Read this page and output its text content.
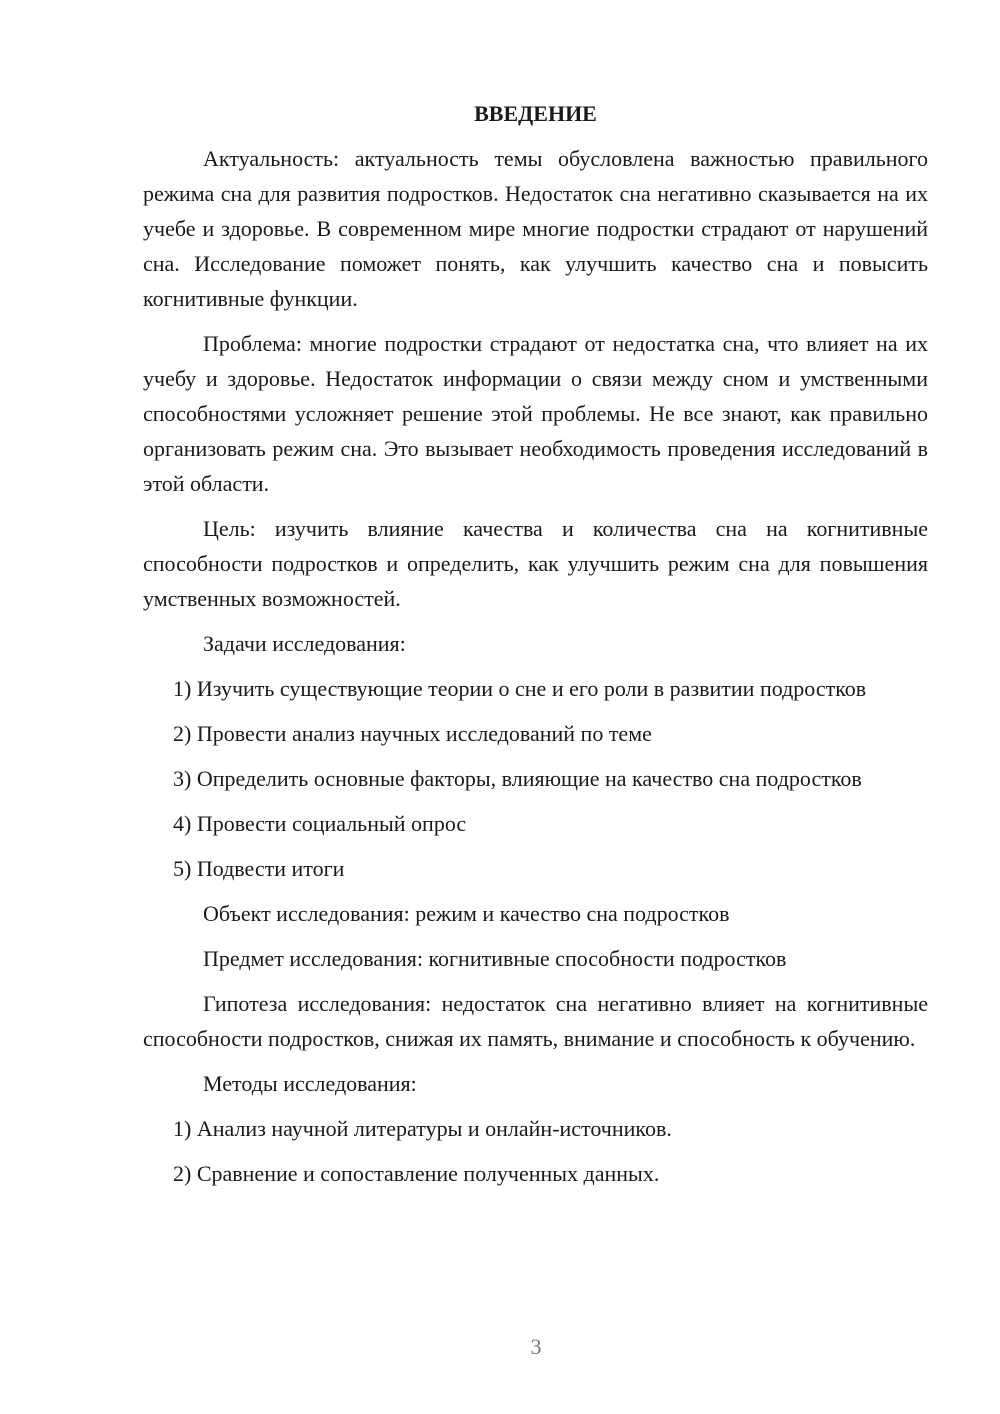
ВВЕДЕНИЕ
Актуальность: актуальность темы обусловлена важностью правильного режима сна для развития подростков. Недостаток сна негативно сказывается на их учебе и здоровье. В современном мире многие подростки страдают от нарушений сна. Исследование поможет понять, как улучшить качество сна и повысить когнитивные функции.
Проблема: многие подростки страдают от недостатка сна, что влияет на их учебу и здоровье. Недостаток информации о связи между сном и умственными способностями усложняет решение этой проблемы. Не все знают, как правильно организовать режим сна. Это вызывает необходимость проведения исследований в этой области.
Цель: изучить влияние качества и количества сна на когнитивные способности подростков и определить, как улучшить режим сна для повышения умственных возможностей.
Задачи исследования:
1) Изучить существующие теории о сне и его роли в развитии подростков
2) Провести анализ научных исследований по теме
3) Определить основные факторы, влияющие на качество сна подростков
4) Провести социальный опрос
5) Подвести итоги
Объект исследования: режим и качество сна подростков
Предмет исследования: когнитивные способности подростков
Гипотеза исследования: недостаток сна негативно влияет на когнитивные способности подростков, снижая их память, внимание и способность к обучению.
Методы исследования:
1) Анализ научной литературы и онлайн-источников.
2) Сравнение и сопоставление полученных данных.
3
